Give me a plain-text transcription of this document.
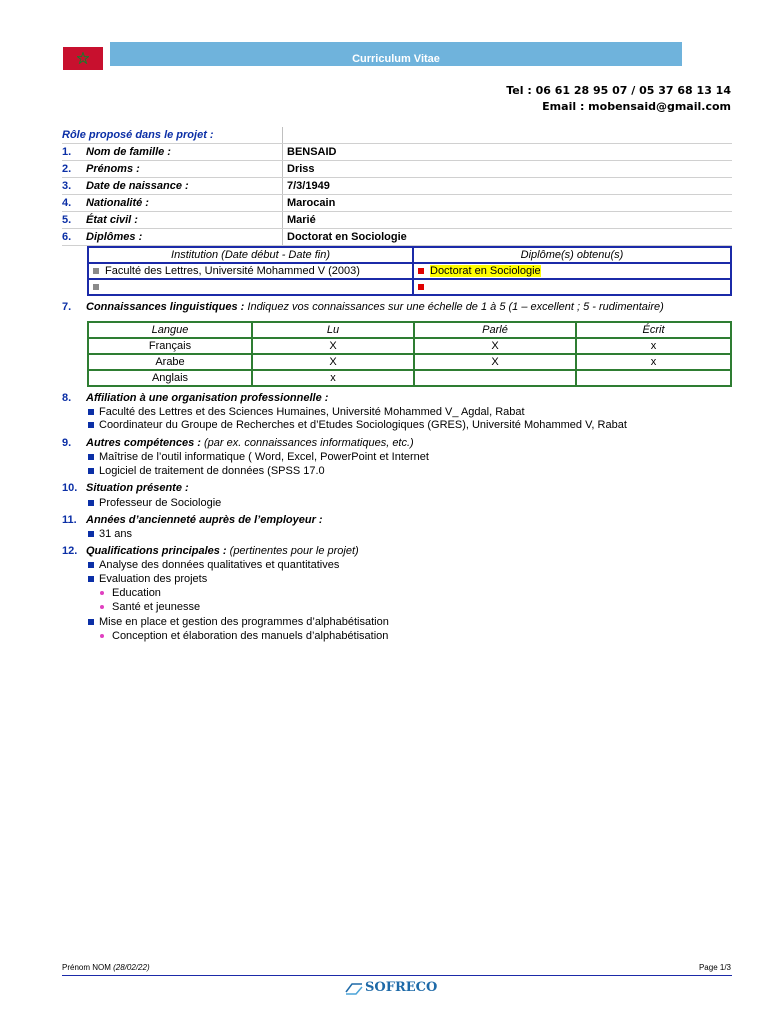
Curriculum Vitae
Tel : 06 61 28 95 07 / 05 37 68 13 14
Email : mobensaid@gmail.com
Rôle proposé dans le projet :		
1.	Nom de famille :	BENSAID
2.	Prénoms :	Driss
3.	Date de naissance :	7/3/1949
4.	Nationalité :	Marocain
5.	État civil :	Marié
6.	Diplômes :	Doctorat en Sociologie
Institution (Date début - Date fin)	Diplôme(s) obtenu(s)
Faculté des Lettres, Université Mohammed V (2003)	Doctorat en Sociologie

7. Connaissances linguistiques : Indiquez vos connaissances sur une échelle de 1 à 5 (1 – excellent ; 5 - rudimentaire)
Langue	Lu	Parlé	Écrit
Français	X	X	x
Arabe	X	X	x
Anglais	x		
8. Affiliation à une organisation professionnelle :
Faculté des Lettres et des Sciences Humaines, Université Mohammed V_ Agdal, Rabat
Coordinateur du Groupe de Recherches et d’Etudes Sociologiques (GRES), Université Mohammed V, Rabat
9. Autres compétences : (par ex. connaissances informatiques, etc.)
Maîtrise de l’outil informatique ( Word, Excel, PowerPoint et Internet
Logiciel de traitement de données (SPSS 17.0
10. Situation présente :
Professeur de Sociologie
11. Années d’ancienneté auprès de l’employeur :
31 ans
12. Qualifications principales : (pertinentes pour le projet)
Analyse des données qualitatives et quantitatives
Evaluation des projets
Education
Santé et jeunesse
Mise en place et gestion des programmes d’alphabétisation
Conception et élaboration des manuels d’alphabétisation
Prénom NOM (28/02/22)	Page 1/3
SOFRECO
